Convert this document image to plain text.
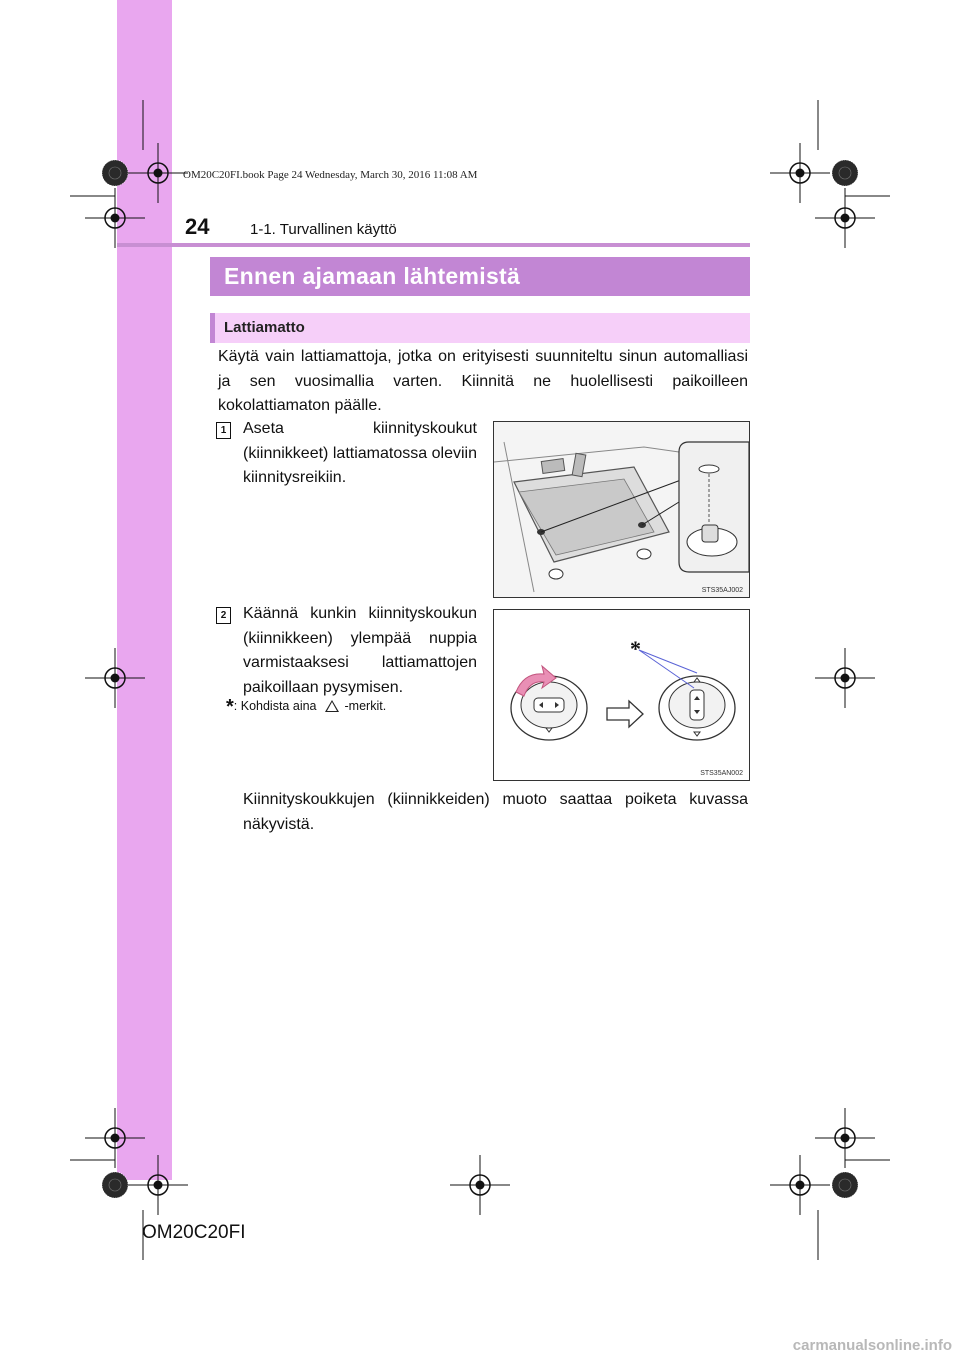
OM20C20FI.book Page 24 Wednesday, March 30, 2016 11:08 AM
24	1-1. Turvallinen käyttö
Ennen ajamaan lähtemistä
Lattiamatto
Käytä vain lattiamattoja, jotka on erityisesti suunniteltu sinun automalliasi ja sen vuosimallia varten. Kiinnitä ne huolellisesti paikoilleen kokolattiamaton päälle.
1 Aseta kiinnityskoukut (kiinnikkeet) lattiamatossa oleviin kiinnitysreikiin.
STS35AJ002
2 Käännä kunkin kiinnityskoukun (kiinnikkeen) ylempää nuppia varmistaaksesi lattiamattojen paikoillaan pysymisen.
*: Kohdista aina -merkit.
*
STS35AN002
Kiinnityskoukkujen (kiinnikkeiden) muoto saattaa poiketa kuvassa näkyvistä.
OM20C20FI
carmanualsonline.info
